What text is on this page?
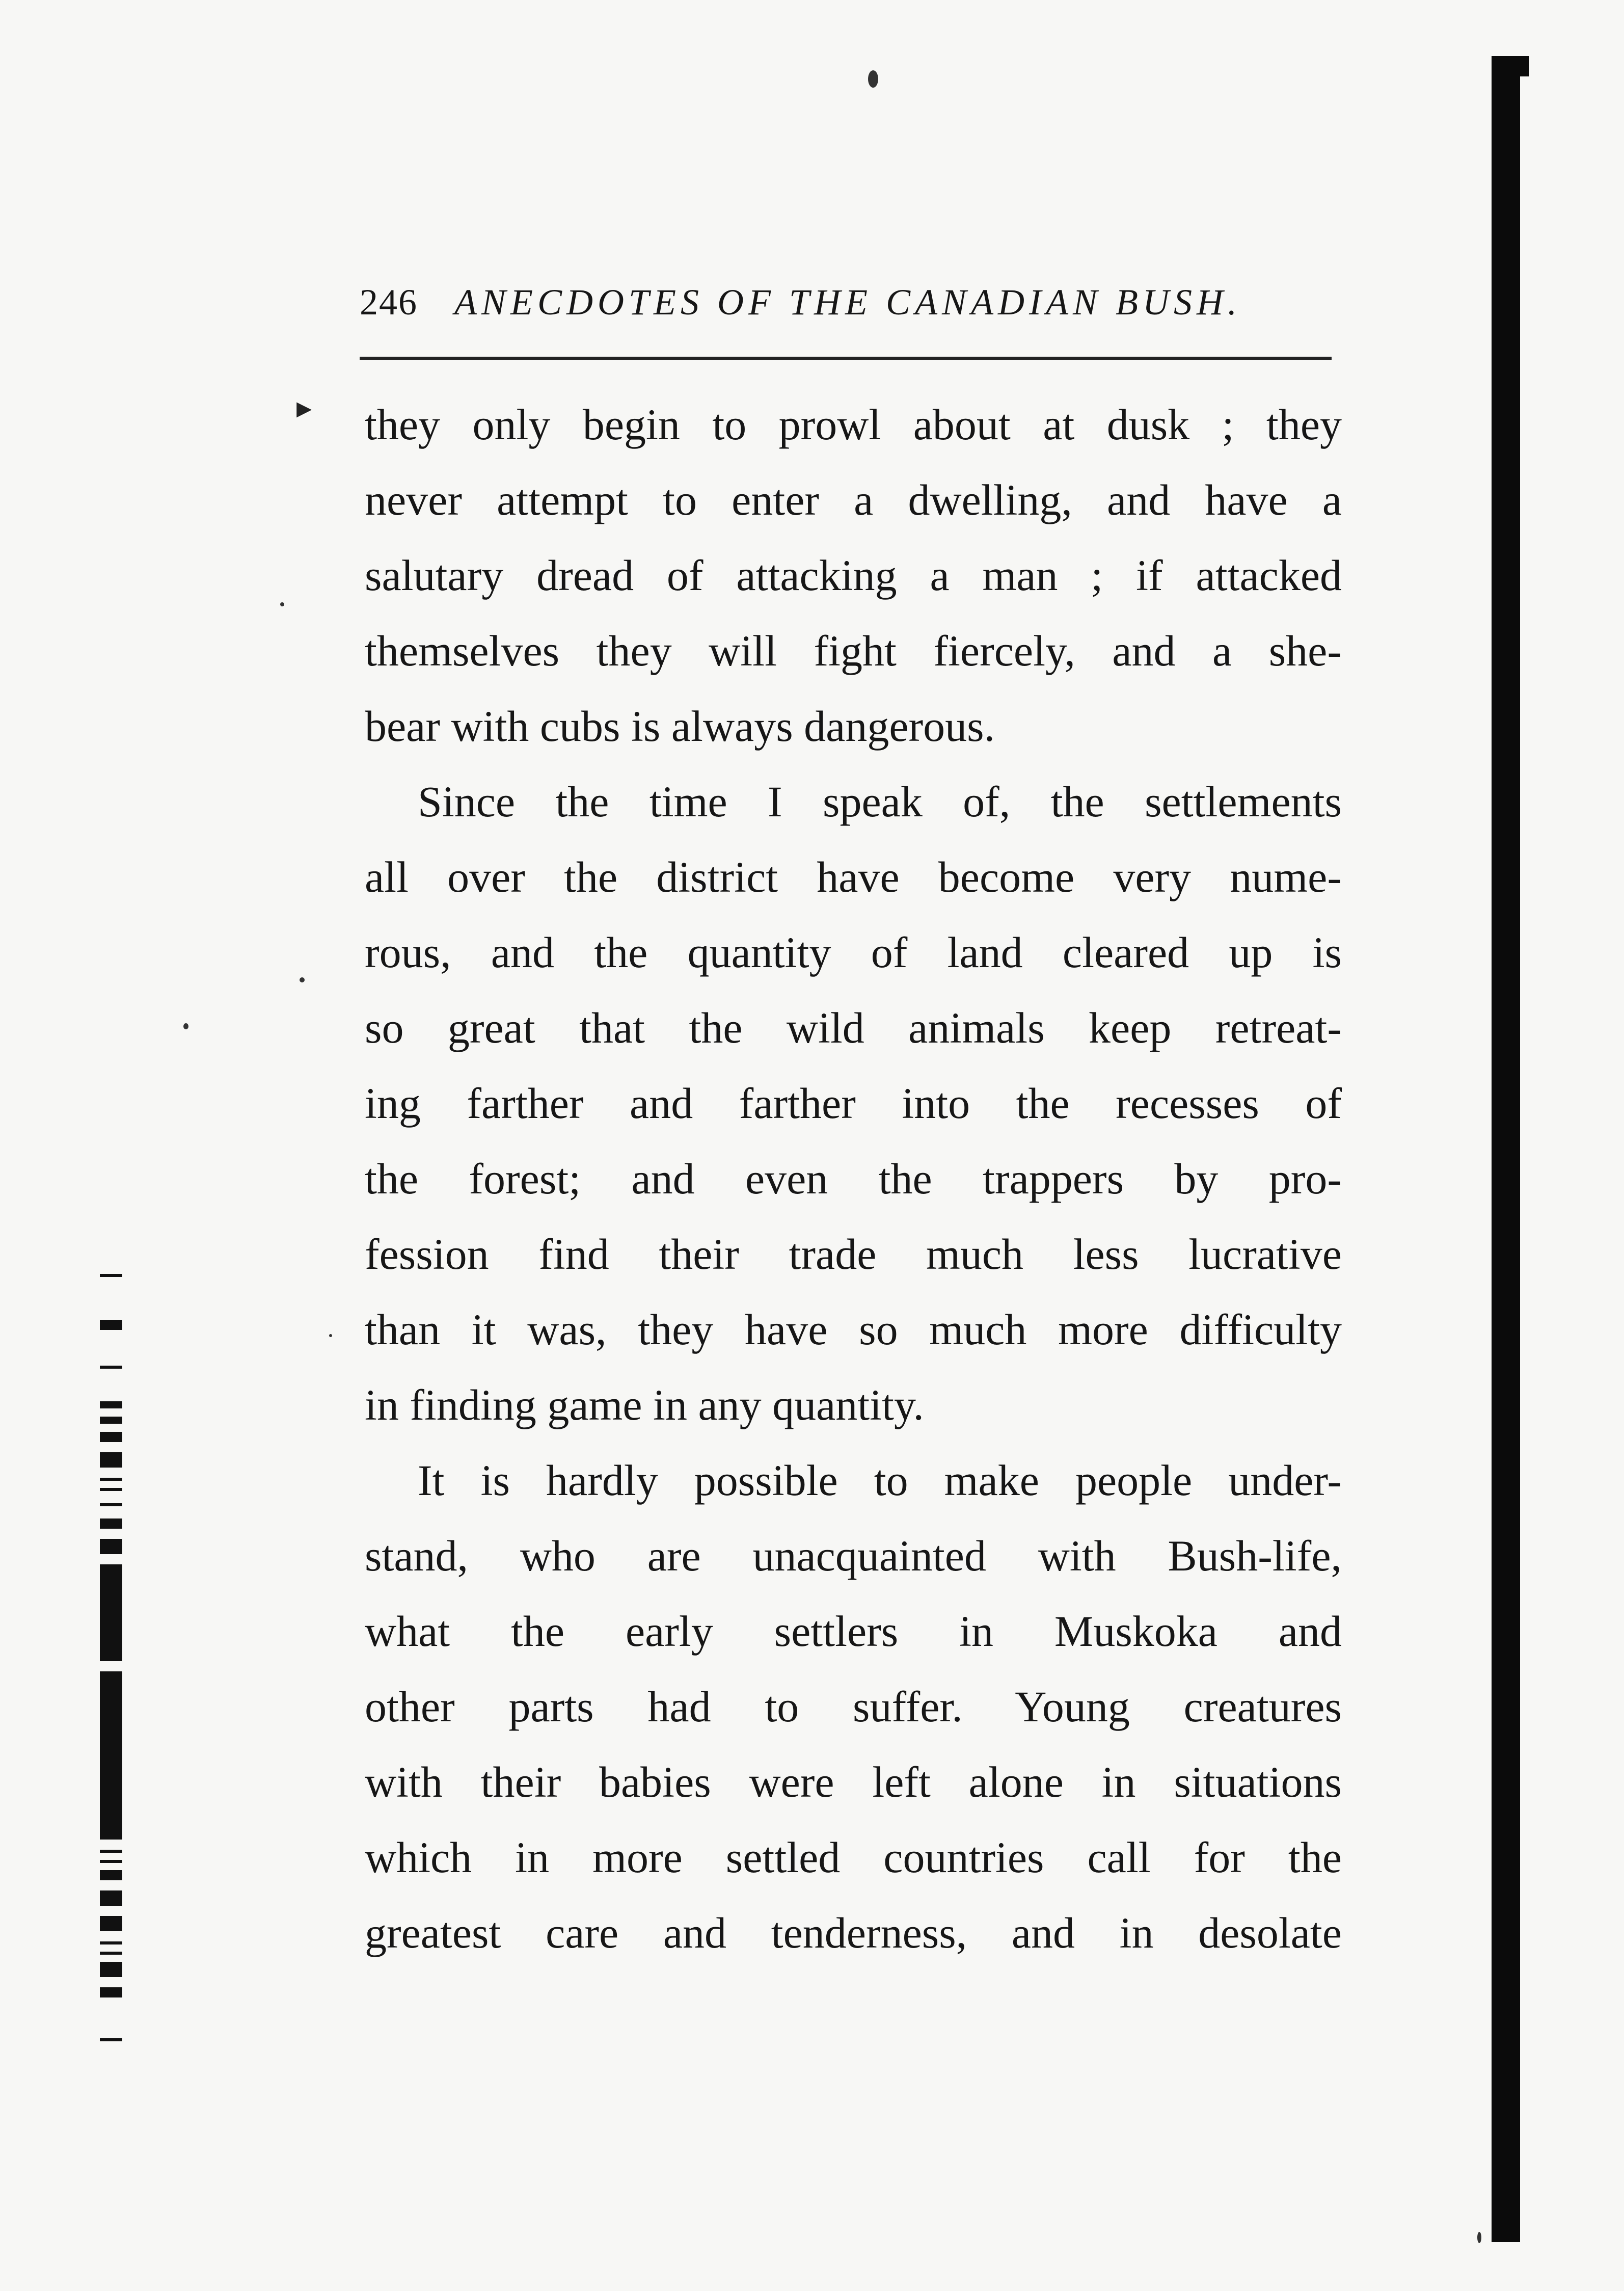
▸
246 ANECDOTES OF THE CANADIAN BUSH.
they only begin to prowl about at dusk ; they
never attempt to enter a dwelling, and have a
salutary dread of attacking a man ; if attacked
themselves they will fight fiercely, and a she-
bear with cubs is always dangerous.
Since the time I speak of, the settlements
all over the district have become very nume-
rous, and the quantity of land cleared up is
so great that the wild animals keep retreat-
ing farther and farther into the recesses of
the forest; and even the trappers by pro-
fession find their trade much less lucrative
than it was, they have so much more difficulty
in finding game in any quantity.
It is hardly possible to make people under-
stand, who are unacquainted with Bush-life,
what the early settlers in Muskoka and
other parts had to suffer. Young creatures
with their babies were left alone in situations
which in more settled countries call for the
greatest care and tenderness, and in desolate
